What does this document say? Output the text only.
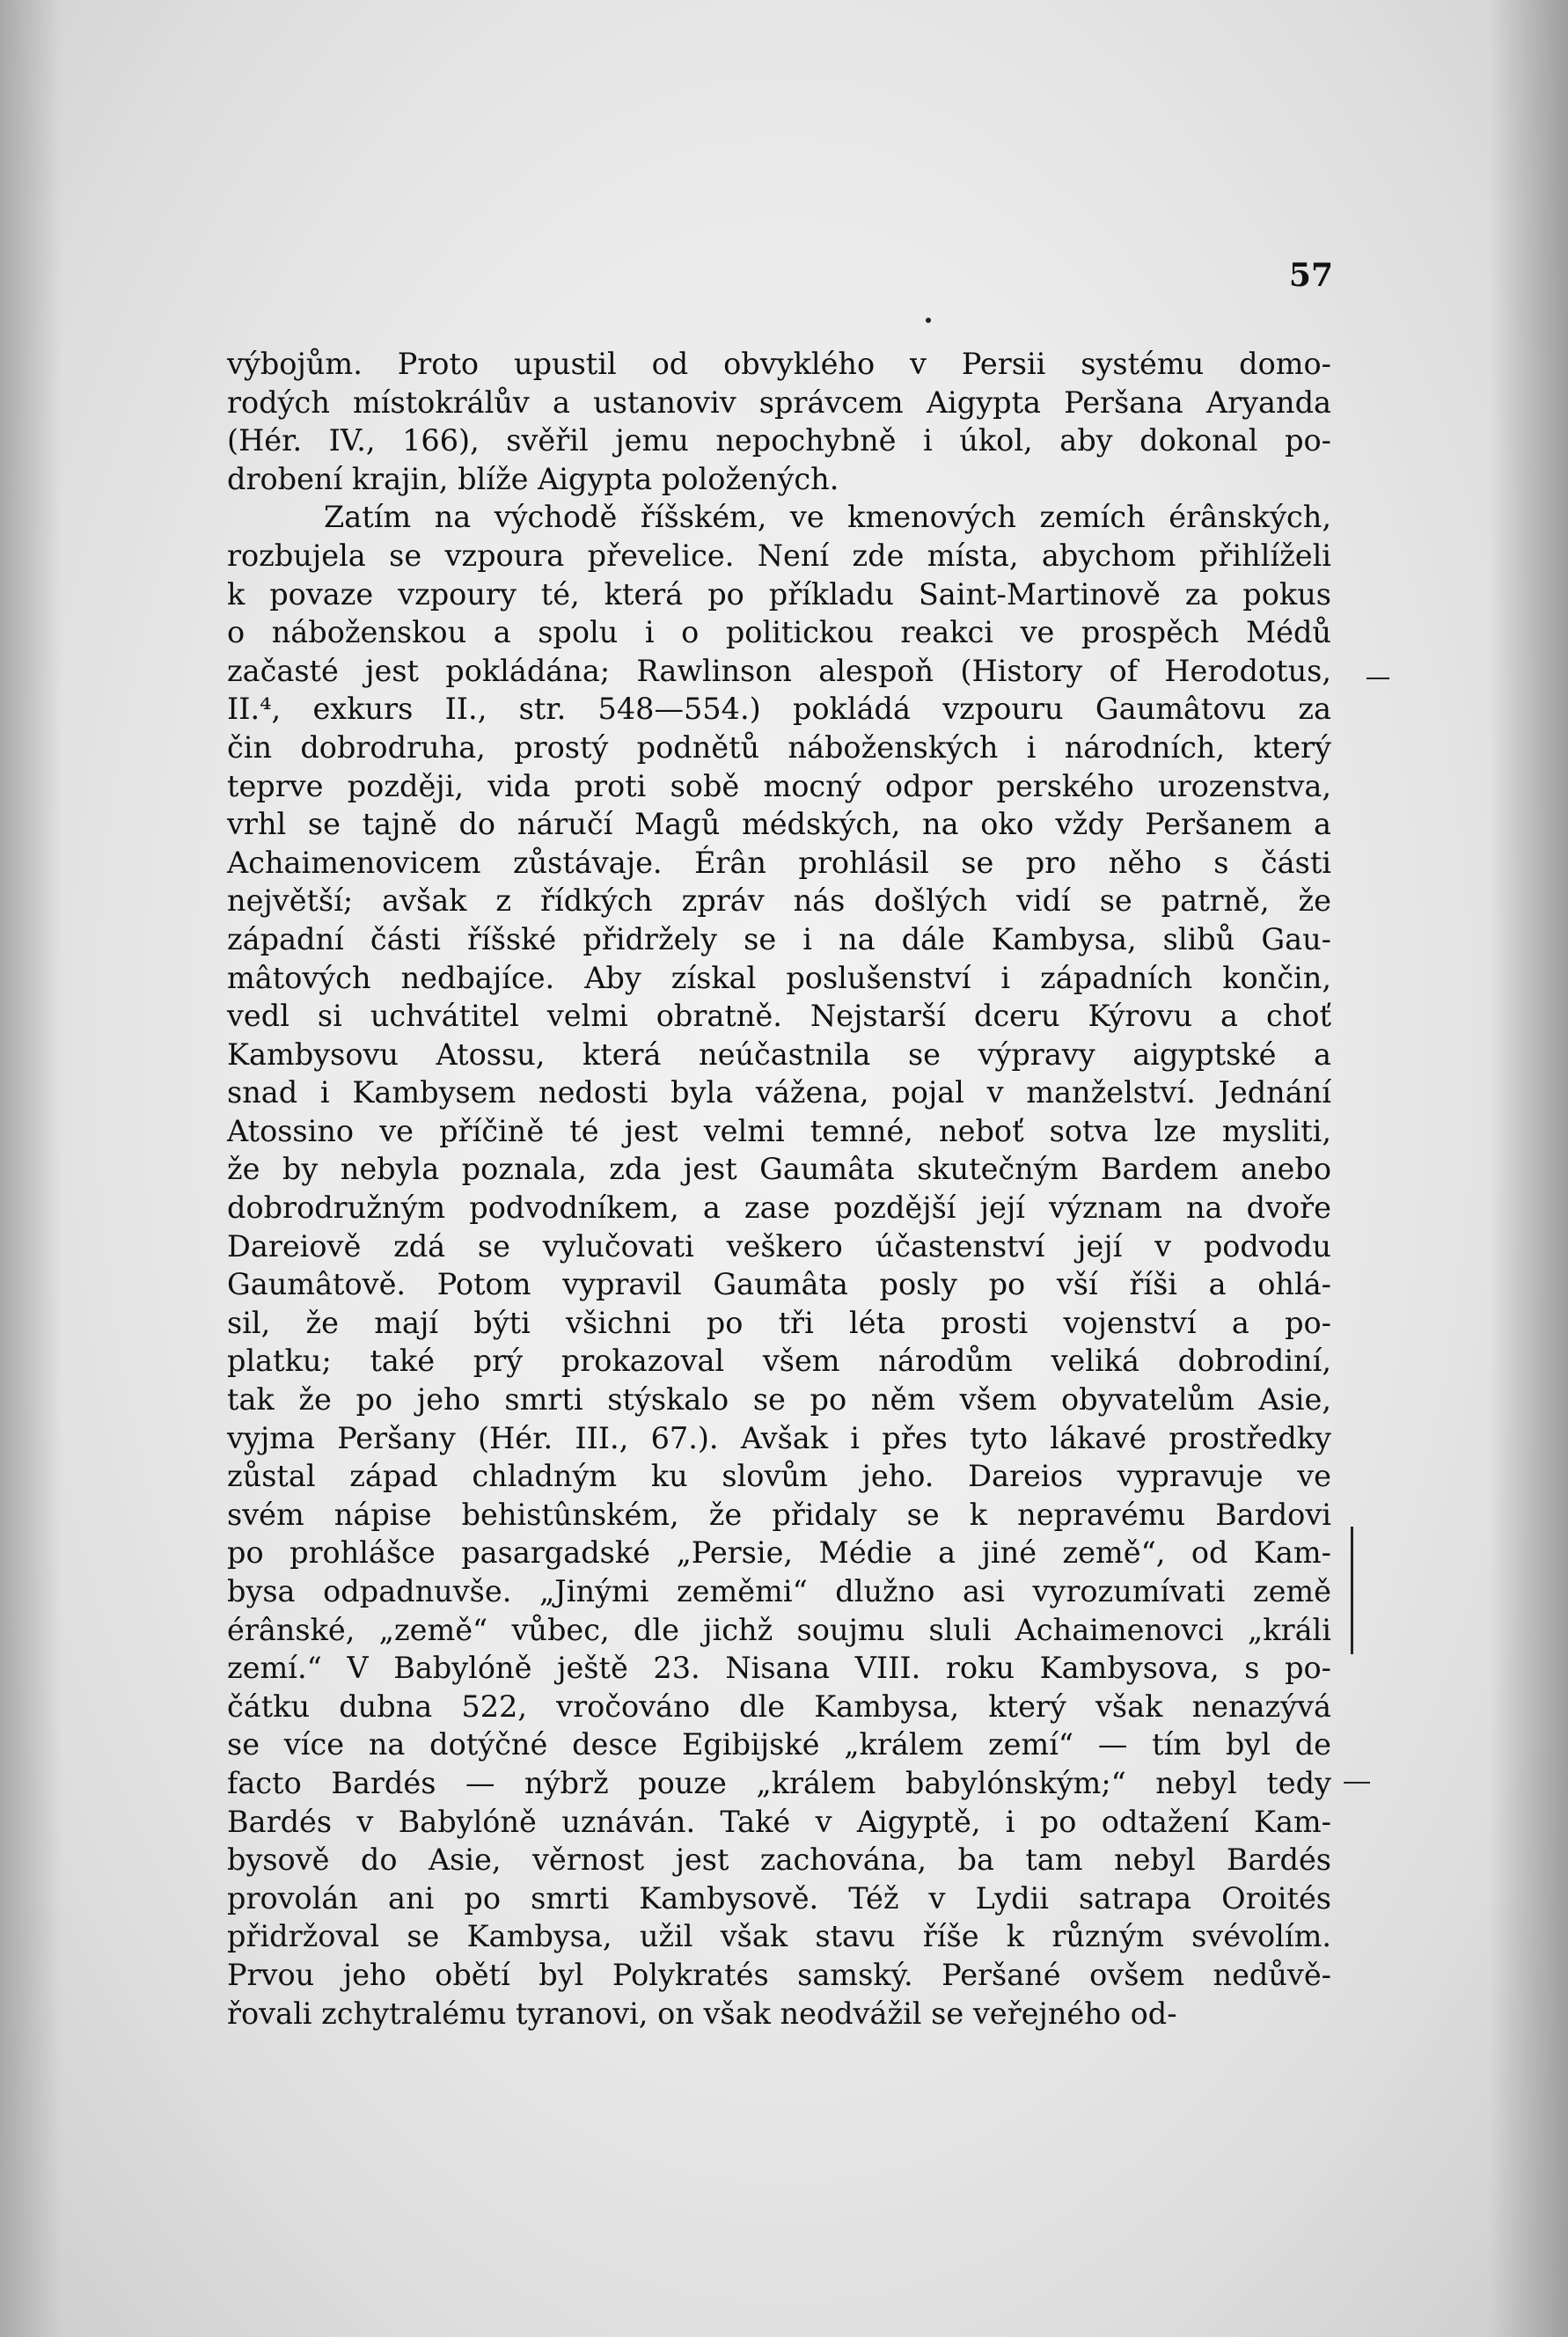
57
výbojům. Proto upustil od obvyklého v Persii systému domo-
rodých místokrálův a ustanoviv správcem Aigypta Peršana Aryanda
(Hér. IV., 166), svěřil jemu nepochybně i úkol, aby dokonal po-
drobení krajin, blíže Aigypta položených.
Zatím na východě říšském, ve kmenových zemích érânských,
rozbujela se vzpoura převelice. Není zde místa, abychom přihlíželi
k povaze vzpoury té, která po příkladu Saint-Martinově za pokus
o náboženskou a spolu i o politickou reakci ve prospěch Médů
začasté jest pokládána; Rawlinson alespoň (History of Herodotus,
II.⁴, exkurs II., str. 548—554.) pokládá vzpouru Gaumâtovu za
čin dobrodruha, prostý podnětů náboženských i národních, který
teprve později, vida proti sobě mocný odpor perského urozenstva,
vrhl se tajně do náručí Magů médských, na oko vždy Peršanem a
Achaimenovicem zůstávaje. Érân prohlásil se pro něho s části
největší; avšak z řídkých zpráv nás došlých vidí se patrně, že
západní části říšské přidržely se i na dále Kambysa, slibů Gau-
mâtových nedbajíce. Aby získal poslušenství i západních končin,
vedl si uchvátitel velmi obratně. Nejstarší dceru Kýrovu a choť
Kambysovu Atossu, která neúčastnila se výpravy aigyptské a
snad i Kambysem nedosti byla vážena, pojal v manželství. Jednání
Atossino ve příčině té jest velmi temné, neboť sotva lze mysliti,
že by nebyla poznala, zda jest Gaumâta skutečným Bardem anebo
dobrodružným podvodníkem, a zase pozdější její význam na dvoře
Dareiově zdá se vylučovati veškero účastenství její v podvodu
Gaumâtově. Potom vypravil Gaumâta posly po vší říši a ohlá-
sil, že mají býti všichni po tři léta prosti vojenství a po-
platku; také prý prokazoval všem národům veliká dobrodiní,
tak že po jeho smrti stýskalo se po něm všem obyvatelům Asie,
vyjma Peršany (Hér. III., 67.). Avšak i přes tyto lákavé prostředky
zůstal západ chladným ku slovům jeho. Dareios vypravuje ve
svém nápise behistûnském, že přidaly se k nepravému Bardovi
po prohlášce pasargadské „Persie, Médie a jiné země“, od Kam-
bysa odpadnuvše. „Jinými zeměmi“ dlužno asi vyrozumívati země
érânské, „země“ vůbec, dle jichž soujmu sluli Achaimenovci „králi
zemí.“ V Babylóně ještě 23. Nisana VIII. roku Kambysova, s po-
čátku dubna 522, vročováno dle Kambysa, který však nenazývá
se více na dotýčné desce Egibijské „králem zemí“ — tím byl de
facto Bardés — nýbrž pouze „králem babylónským;“ nebyl tedy
Bardés v Babylóně uznáván. Také v Aigyptě, i po odtažení Kam-
bysově do Asie, věrnost jest zachována, ba tam nebyl Bardés
provolán ani po smrti Kambysově. Též v Lydii satrapa Oroités
přidržoval se Kambysa, užil však stavu říše k různým svévolím.
Prvou jeho obětí byl Polykratés samský. Peršané ovšem nedůvě-
řovali zchytralému tyranovi, on však neodvážil se veřejného od-
